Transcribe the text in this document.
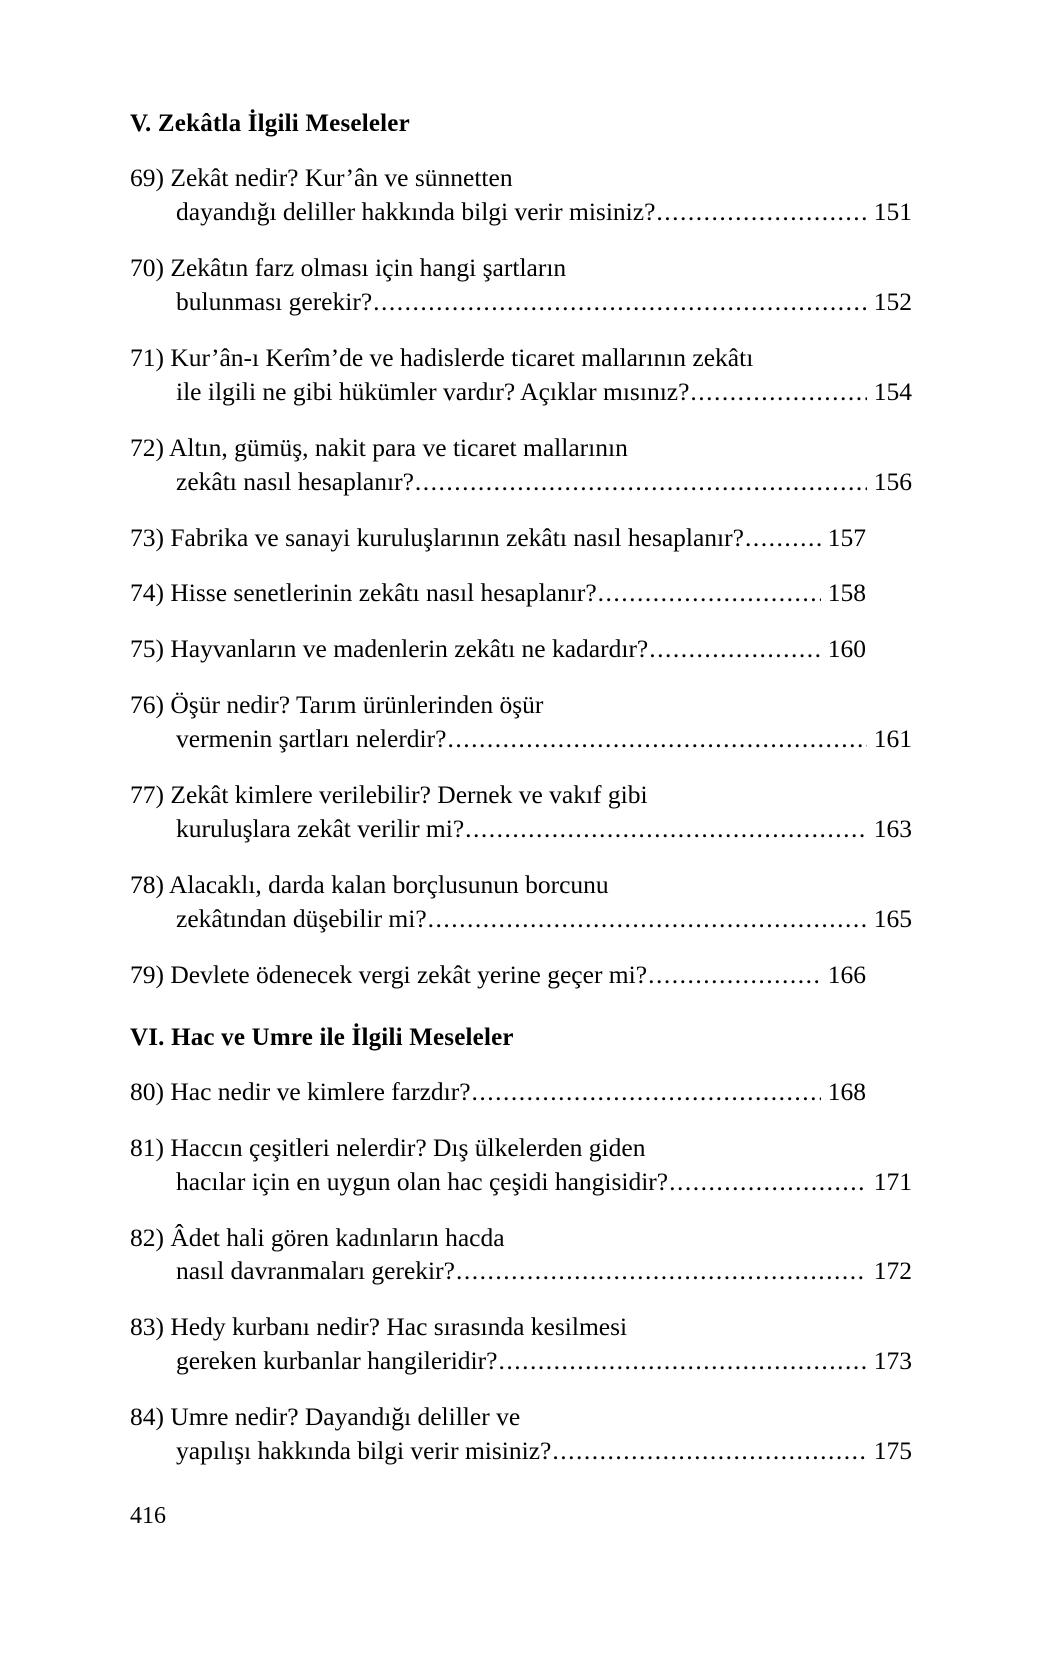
V. Zekâtla İlgili Meseleler
69) Zekât nedir? Kur’ân ve sünnetten
dayandığı deliller hakkında bilgi verir misiniz? .....	151
70) Zekâtın farz olması için hangi şartların
bulunması gerekir? .....	152
71) Kur’ân-ı Kerîm’de ve hadislerde ticaret mallarının zekâtı
ile ilgili ne gibi hükümler vardır? Açıklar mısınız? .....	154
72) Altın, gümüş, nakit para ve ticaret mallarının
zekâtı nasıl hesaplanır? .....	156
73) Fabrika ve sanayi kuruluşlarının zekâtı nasıl hesaplanır? .....	157
74) Hisse senetlerinin zekâtı nasıl hesaplanır? .....	158
75) Hayvanların ve madenlerin zekâtı ne kadardır? .....	160
76) Öşür nedir? Tarım ürünlerinden öşür
vermenin şartları nelerdir? .....	161
77) Zekât kimlere verilebilir? Dernek ve vakıf gibi
kuruluşlara zekât verilir mi? .....	163
78) Alacaklı, darda kalan borçlusunun borcunu
zekâtından düşebilir mi? .....	165
79) Devlete ödenecek vergi zekât yerine geçer mi? .....	166
VI. Hac ve Umre ile İlgili Meseleler
80) Hac nedir ve kimlere farzdır? .....	168
81) Haccın çeşitleri nelerdir? Dış ülkelerden giden
hacılar için en uygun olan hac çeşidi hangisidir? .....	171
82) Âdet hali gören kadınların hacda
nasıl davranmaları gerekir? .....	172
83) Hedy kurbanı nedir? Hac sırasında kesilmesi
gereken kurbanlar hangileridir? .....	173
84) Umre nedir? Dayandığı deliller ve
yapılışı hakkında bilgi verir misiniz? .....	175
416
